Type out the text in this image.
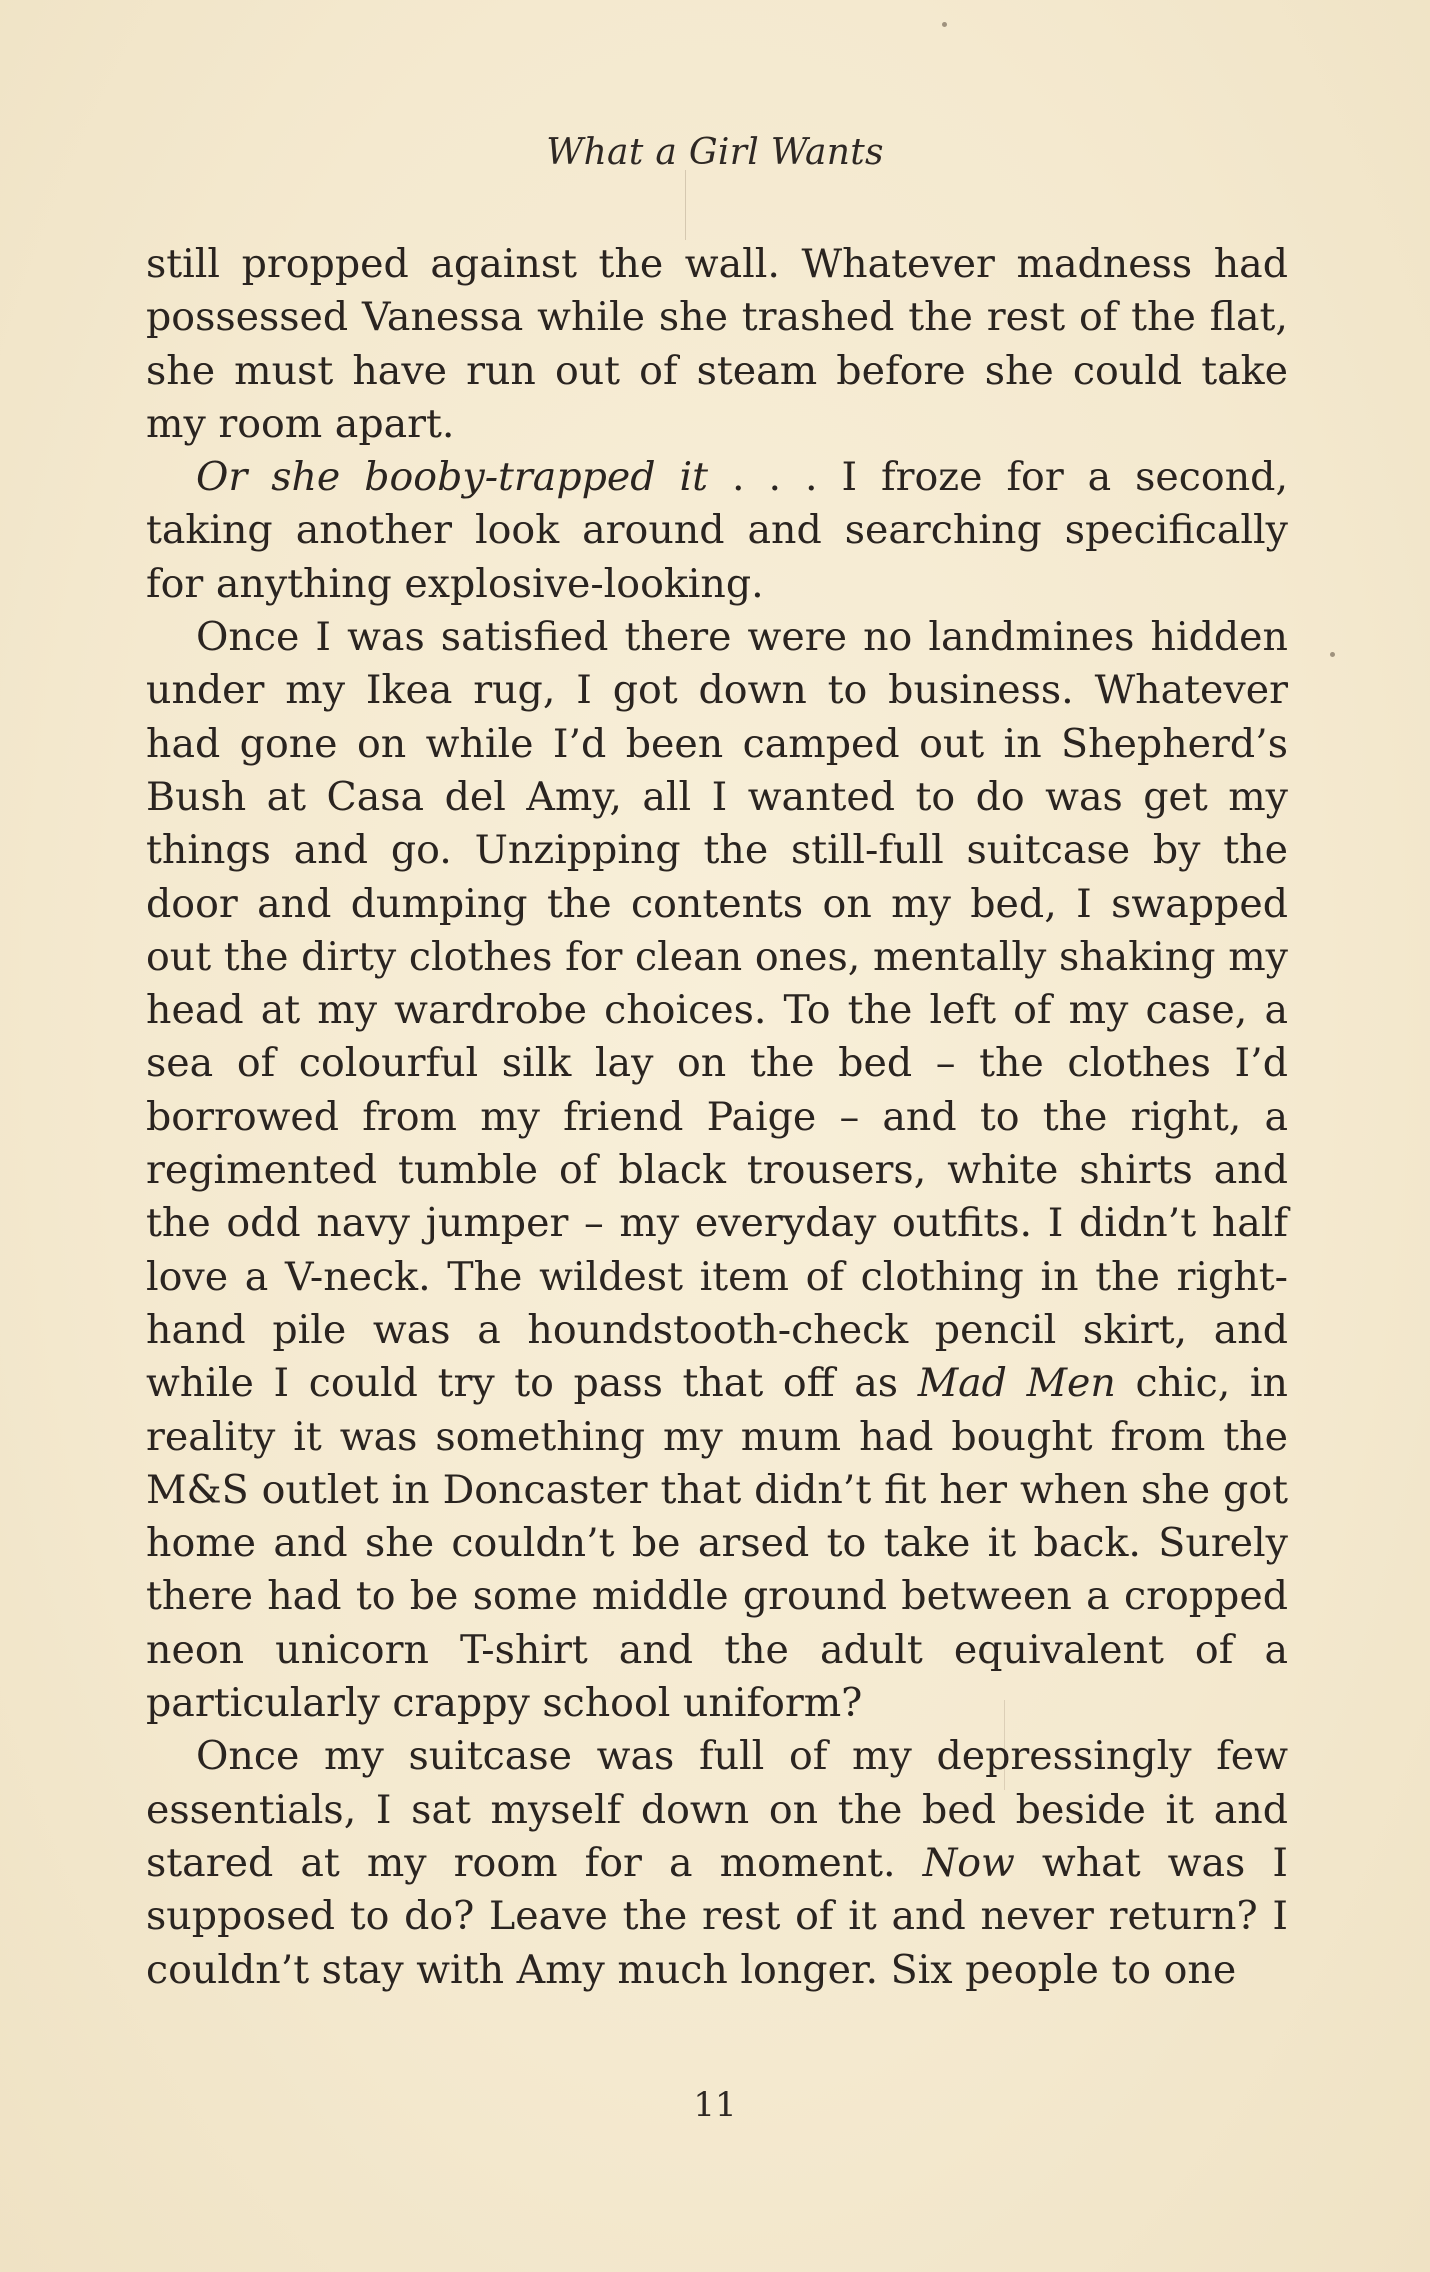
What a Girl Wants

still propped against the wall. Whatever madness had possessed Vanessa while she trashed the rest of the flat, she must have run out of steam before she could take my room apart.

Or she booby-trapped it . . . I froze for a second, taking another look around and searching specifically for anything explosive-looking.

Once I was satisfied there were no landmines hidden under my Ikea rug, I got down to business. Whatever had gone on while I’d been camped out in Shepherd’s Bush at Casa del Amy, all I wanted to do was get my things and go. Unzipping the still-full suitcase by the door and dumping the contents on my bed, I swapped out the dirty clothes for clean ones, mentally shaking my head at my wardrobe choices. To the left of my case, a sea of colourful silk lay on the bed – the clothes I’d borrowed from my friend Paige – and to the right, a regimented tumble of black trousers, white shirts and the odd navy jumper – my everyday outfits. I didn’t half love a V-neck. The wildest item of clothing in the right-hand pile was a houndstooth-check pencil skirt, and while I could try to pass that off as Mad Men chic, in reality it was something my mum had bought from the M&S outlet in Doncaster that didn’t fit her when she got home and she couldn’t be arsed to take it back. Surely there had to be some middle ground between a cropped neon unicorn T-shirt and the adult equivalent of a particularly crappy school uniform?

Once my suitcase was full of my depressingly few essentials, I sat myself down on the bed beside it and stared at my room for a moment. Now what was I supposed to do? Leave the rest of it and never return? I couldn’t stay with Amy much longer. Six people to one

11
